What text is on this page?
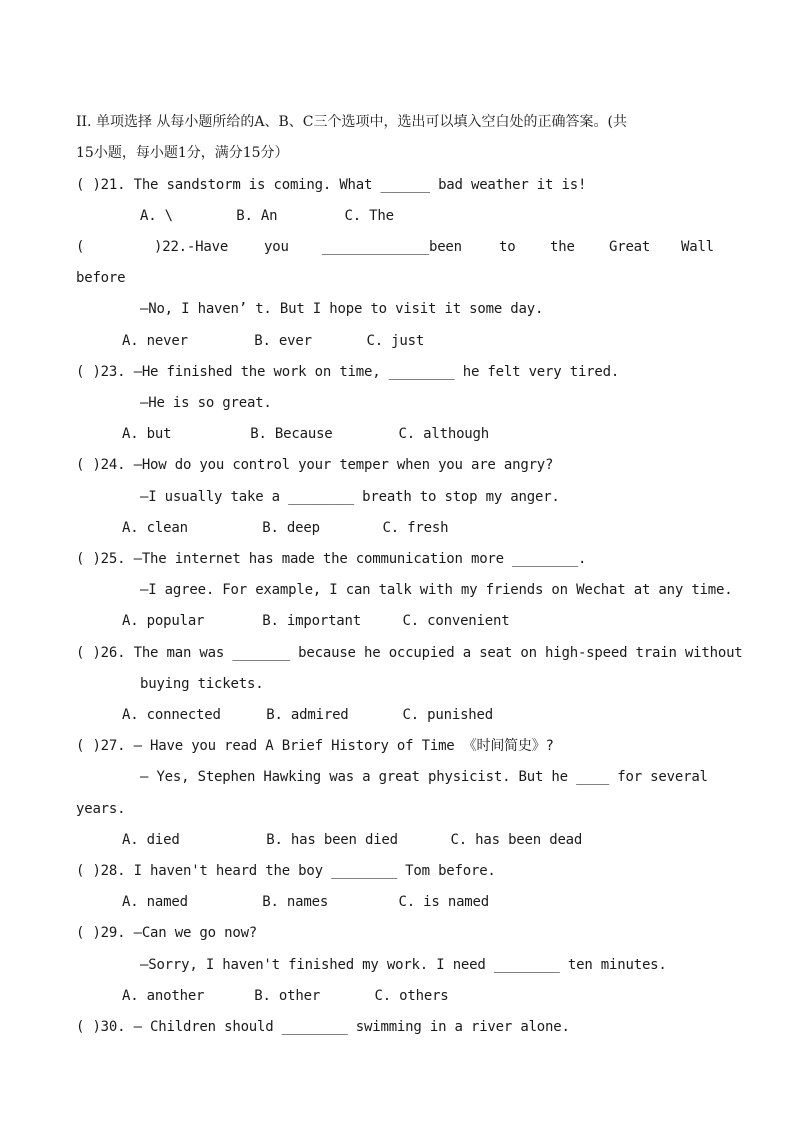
II. 单项选择 从每小题所给的A、B、C三个选项中，选出可以填入空白处的正确答案。(共
15小题，每小题1分，满分15分）
( )21. The sandstorm is coming. What ______ bad weather it is!
A. \	B. An	C. The
(	)22.-Have	you _____________been	to the Great Wall
before
—No, I haven’ t. But I hope to visit it some day.
A. never	B. ever	C. just
( )23. —He finished the work on time, ________ he felt very tired.
—He is so great.
A. but	B. Because	C. although
( )24. —How do you control your temper when you are angry?
—I usually take a ________ breath to stop my anger.
A. clean	B. deep	C. fresh
( )25. —The internet has made the communication more ________.
—I agree. For example, I can talk with my friends on Wechat at any time.
A. popular	B. important	C. convenient
( )26. The man was _______ because he occupied a seat on high-speed train without
buying tickets.
A. connected	B. admired	C. punished
( )27. — Have you read A Brief History of Time 《时间简史》?
— Yes, Stephen Hawking was a great physicist. But he ____ for several
years.
A. died	B. has been died	C. has been dead
( )28. I haven't heard the boy ________ Tom before.
A. named	B. names	C. is named
( )29. —Can we go now?
—Sorry, I haven't finished my work. I need ________ ten minutes.
A. another	B. other	C. others
( )30. — Children should ________ swimming in a river alone.
